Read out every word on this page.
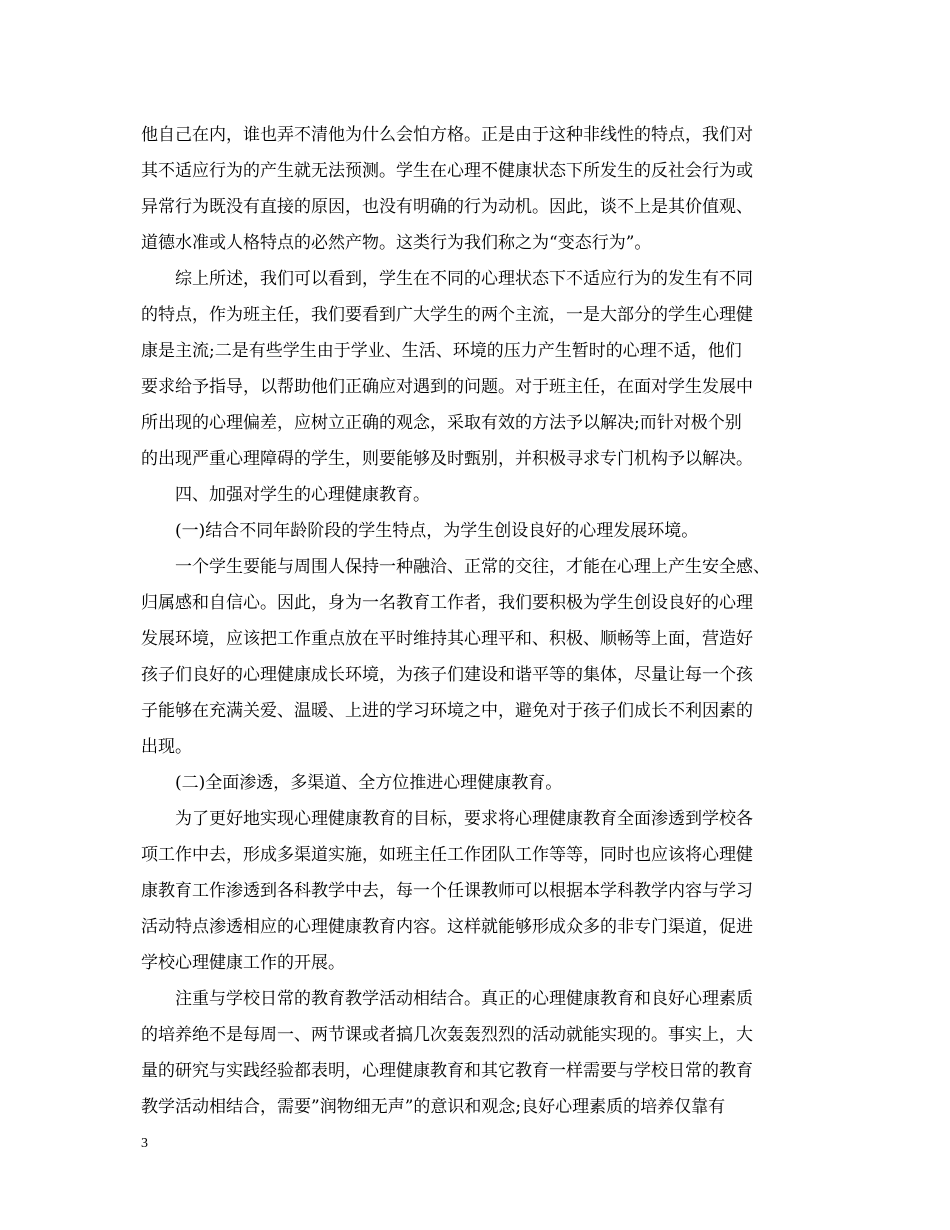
他自己在内，谁也弄不清他为什么会怕方格。正是由于这种非线性的特点，我们对
其不适应行为的产生就无法预测。学生在心理不健康状态下所发生的反社会行为或
异常行为既没有直接的原因，也没有明确的行为动机。因此，谈不上是其价值观、
道德水准或人格特点的必然产物。这类行为我们称之为“变态行为”。
综上所述，我们可以看到，学生在不同的心理状态下不适应行为的发生有不同
的特点，作为班主任，我们要看到广大学生的两个主流，一是大部分的学生心理健
康是主流;二是有些学生由于学业、生活、环境的压力产生暂时的心理不适，他们
要求给予指导，以帮助他们正确应对遇到的问题。对于班主任，在面对学生发展中
所出现的心理偏差，应树立正确的观念，采取有效的方法予以解决;而针对极个别
的出现严重心理障碍的学生，则要能够及时甄别，并积极寻求专门机构予以解决。
四、加强对学生的心理健康教育。
(一)结合不同年龄阶段的学生特点，为学生创设良好的心理发展环境。
一个学生要能与周围人保持一种融洽、正常的交往，才能在心理上产生安全感、
归属感和自信心。因此，身为一名教育工作者，我们要积极为学生创设良好的心理
发展环境，应该把工作重点放在平时维持其心理平和、积极、顺畅等上面，营造好
孩子们良好的心理健康成长环境，为孩子们建设和谐平等的集体，尽量让每一个孩
子能够在充满关爱、温暖、上进的学习环境之中，避免对于孩子们成长不利因素的
出现。
(二)全面渗透，多渠道、全方位推进心理健康教育。
为了更好地实现心理健康教育的目标，要求将心理健康教育全面渗透到学校各
项工作中去，形成多渠道实施，如班主任工作团队工作等等，同时也应该将心理健
康教育工作渗透到各科教学中去，每一个任课教师可以根据本学科教学内容与学习
活动特点渗透相应的心理健康教育内容。这样就能够形成众多的非专门渠道，促进
学校心理健康工作的开展。
注重与学校日常的教育教学活动相结合。真正的心理健康教育和良好心理素质
的培养绝不是每周一、两节课或者搞几次轰轰烈烈的活动就能实现的。事实上，大
量的研究与实践经验都表明，心理健康教育和其它教育一样需要与学校日常的教育
教学活动相结合，需要”润物细无声”的意识和观念;良好心理素质的培养仅靠有
3
